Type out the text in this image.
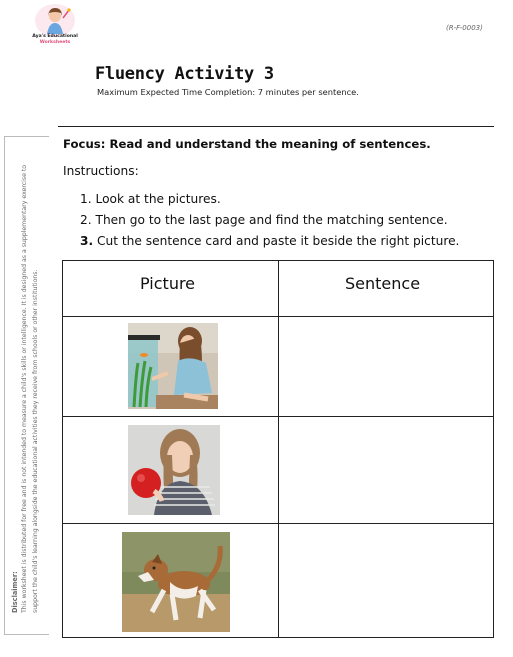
Aya's Educational
Worksheets
(R-F-0003)
Fluency Activity 3
Maximum Expected Time Completion: 7 minutes per sentence.
Disclaimer: This worksheet is distributed for free and is not intended to measure a child's skills or intelligence. It is designed as a supplementary exercise to support the child's learning alongside the educational activities they receive from schools or other institutions.
Focus: Read and understand the meaning of sentences.
Instructions:
1. Look at the pictures.
2. Then go to the last page and find the matching sentence.
3. Cut the sentence card and paste it beside the right picture.
Picture	Sentence
